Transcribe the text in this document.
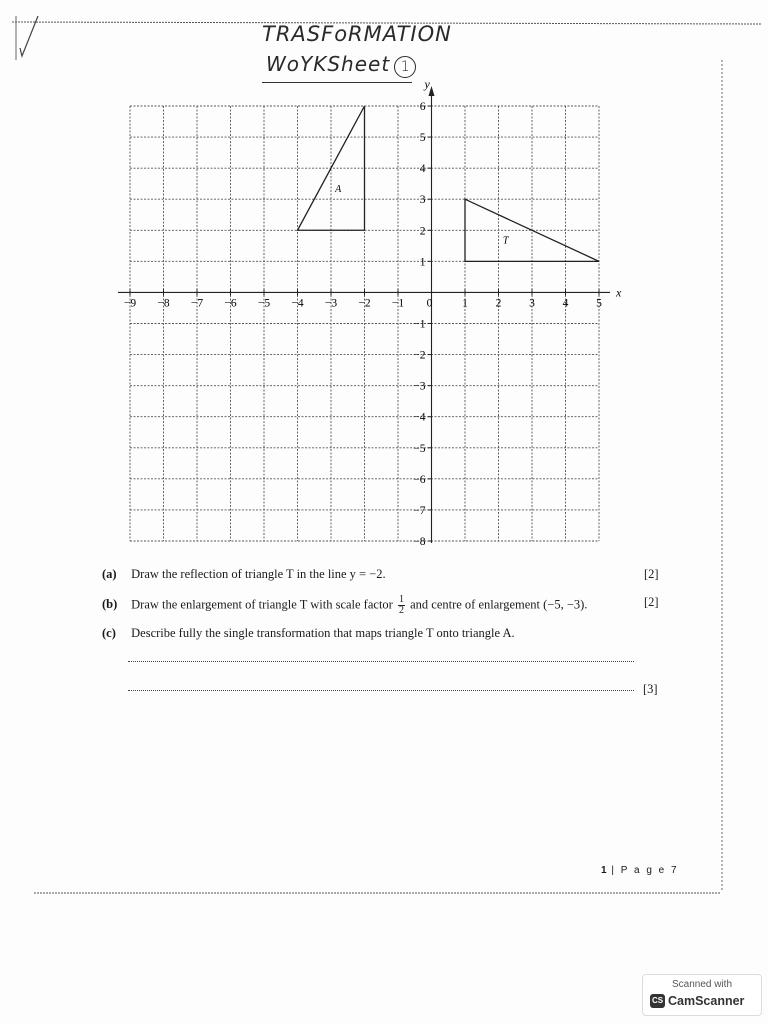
TRASFoRMATION
WoYKSheet 1
x
y
−9 −8 −7 −6 −5 −4 −3 −2 −1 0	1 2 3 4 5
1
2
3
4
5
6
−1
−2
−3
−4
−5
−6
−7
−8
A
T
(a) Draw the reflection of triangle T in the line y = −2.	[2]
(b) Draw the enlargement of triangle T with scale factor $\frac{1}{2}$ and centre of enlargement (−5, −3).	[2]
(c) Describe fully the single transformation that maps triangle T onto triangle A.
[3]
1 | P a g e 7
Scanned with
CS CamScanner
